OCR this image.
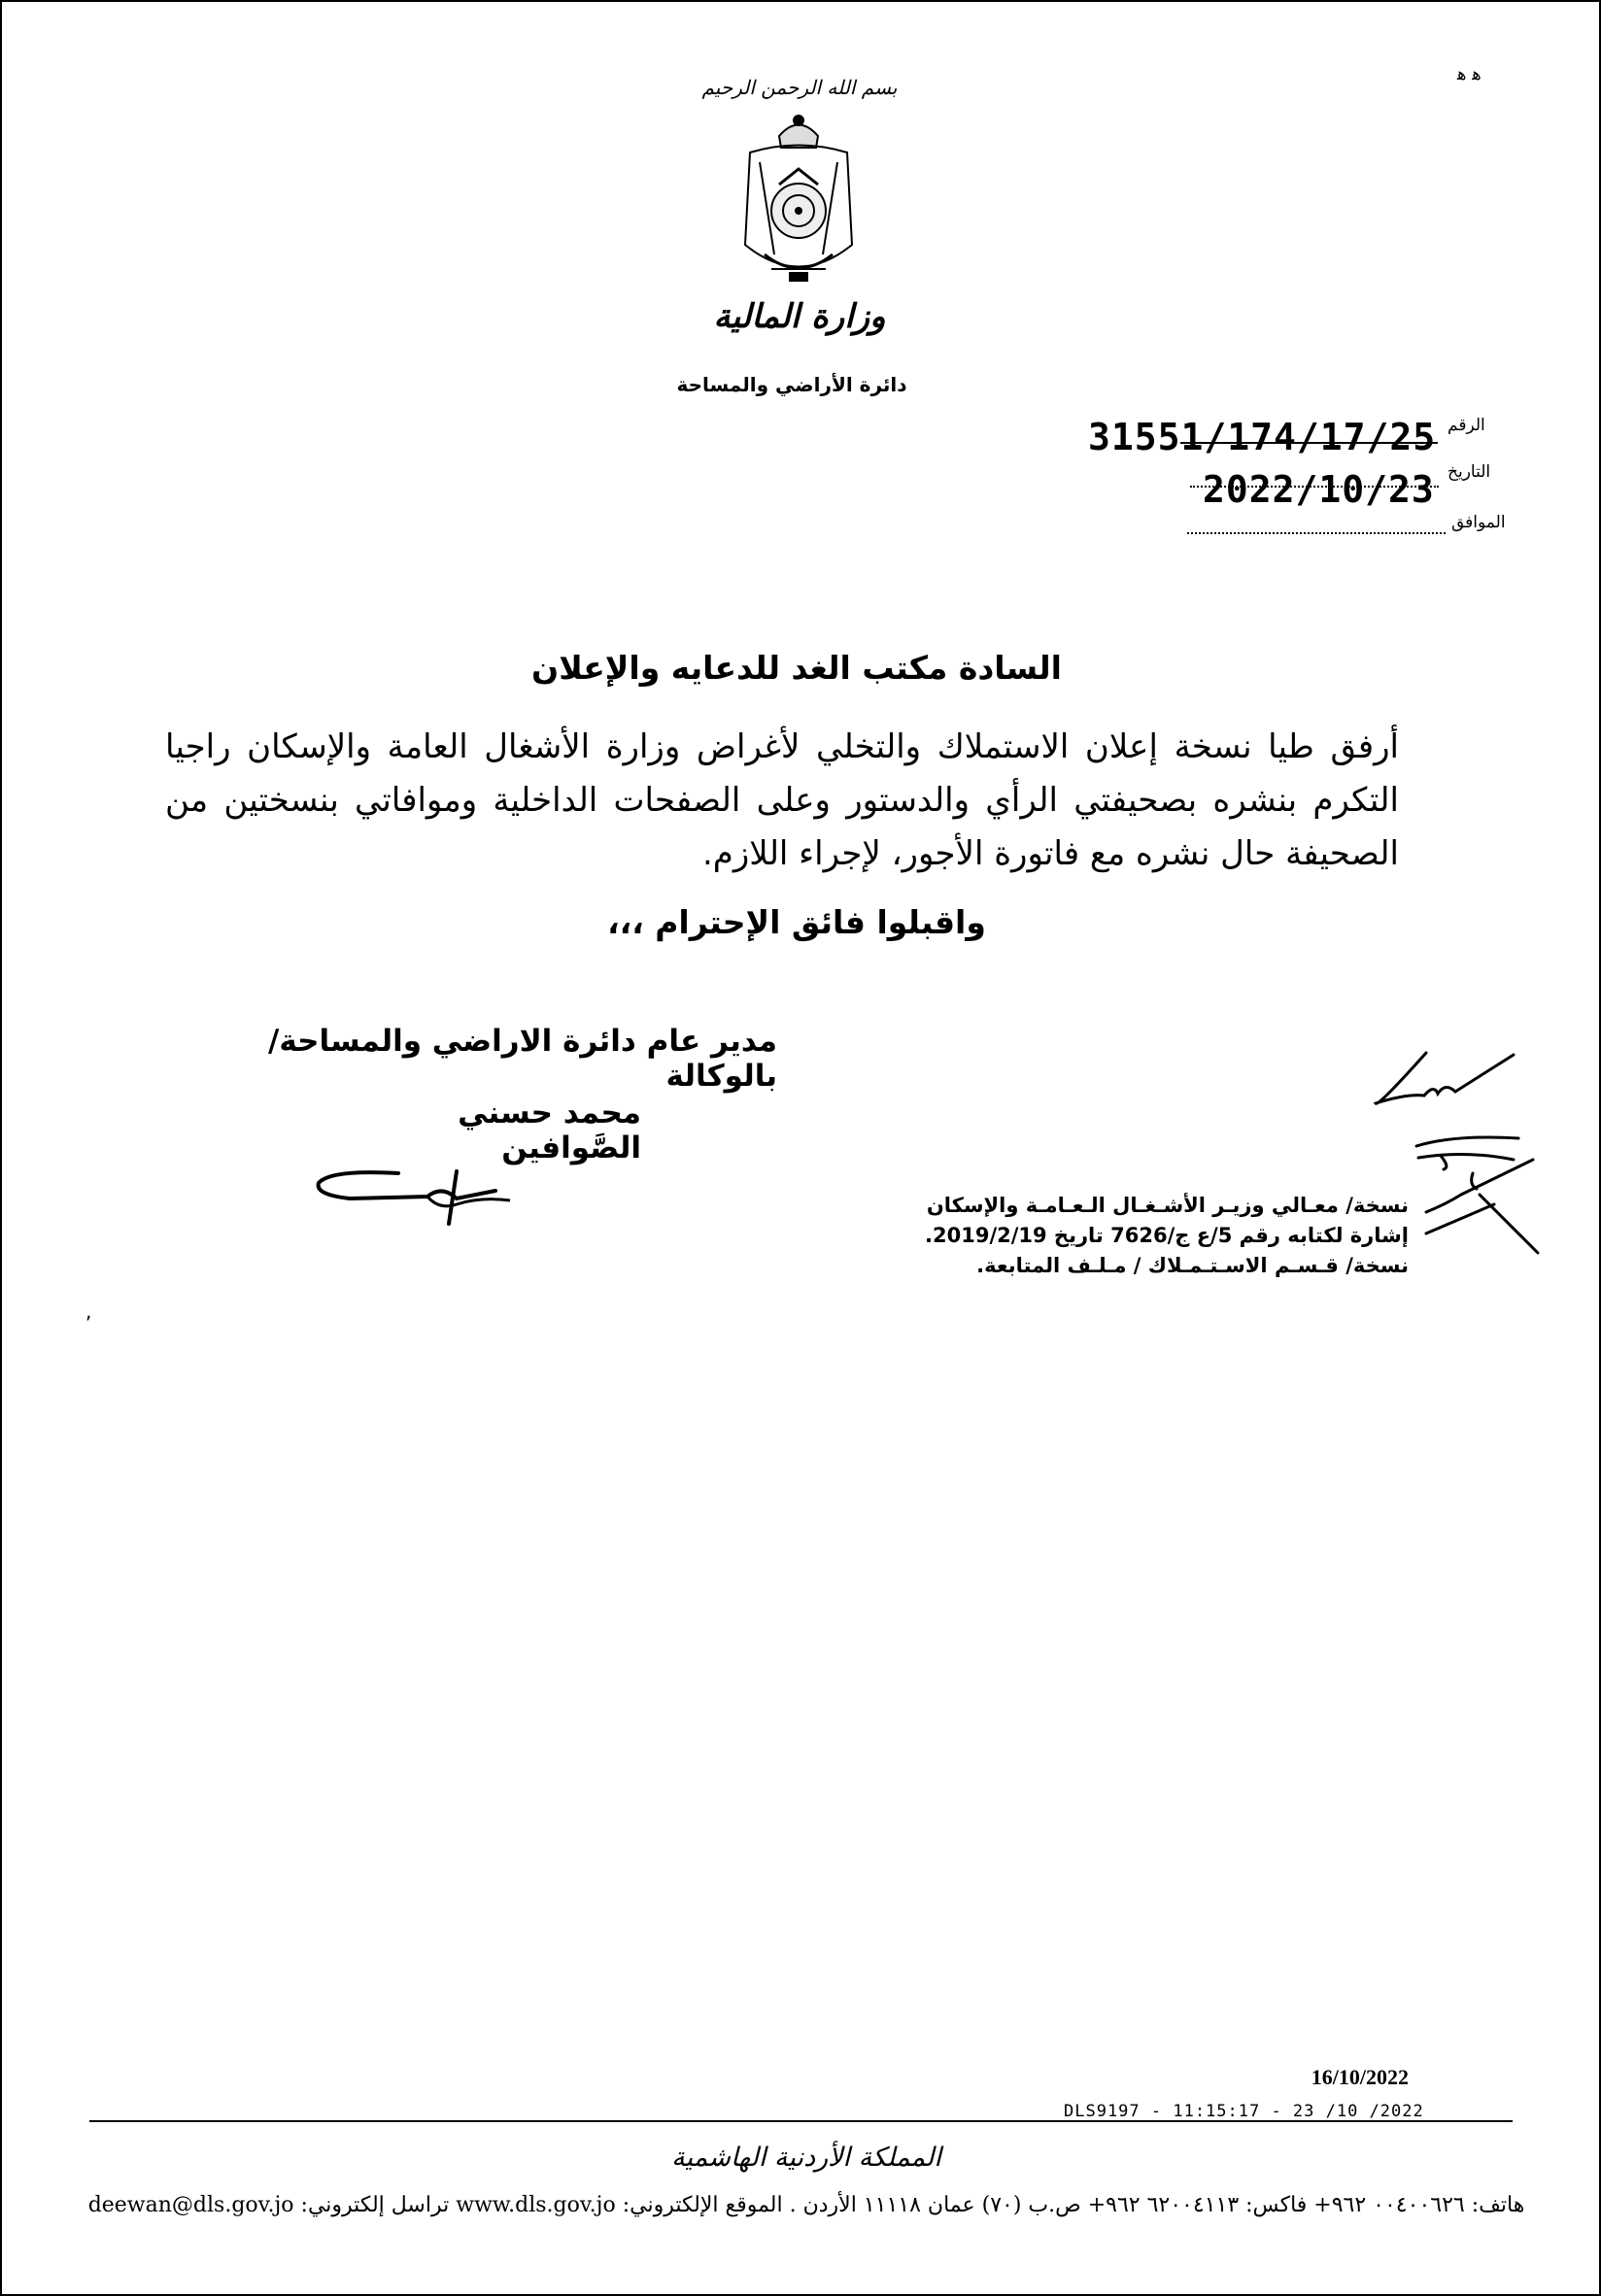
بسم الله الرحمن الرحيم
وزارة المالية
دائرة الأراضي والمساحة
ﻫ ﻫ
الرقم
31551/174/17/25
التاريخ
2022/10/23
الموافق
السادة مكتب الغد للدعايه والإعلان
أرفق طيا نسخة إعلان الاستملاك والتخلي لأغراض وزارة الأشغال العامة والإسكان راجيا التكرم بنشره بصحيفتي الرأي والدستور وعلى الصفحات الداخلية وموافاتي بنسختين من الصحيفة حال نشره مع فاتورة الأجور، لإجراء اللازم.
واقبلوا فائق الإحترام ،،،
مدير عام دائرة الاراضي والمساحة/بالوكالة
محمد حسني الصَّوافين
نسخة/ معـالي وزيـر الأشـغـال الـعـامـة والإسكان
إشارة لكتابه رقم 5/ع ج/7626 تاريخ 2019/2/19.
نسخة/ قـسـم الاسـتـمـلاك / مـلـف المتابعة.
,
16/10/2022
DLS9197 - 11:15:17 - 23 /10 /2022
المملكة الأردنية الهاشمية
هاتف: ٠٠٤٠٠٦٢٦ ٩٦٢+ فاكس: ٦٢٠٠٤١١٣ ٩٦٢+ ص.ب (٧٠) عمان ١١١١٨ الأردن . الموقع الإلكتروني: www.dls.gov.jo تراسل إلكتروني: deewan@dls.gov.jo
